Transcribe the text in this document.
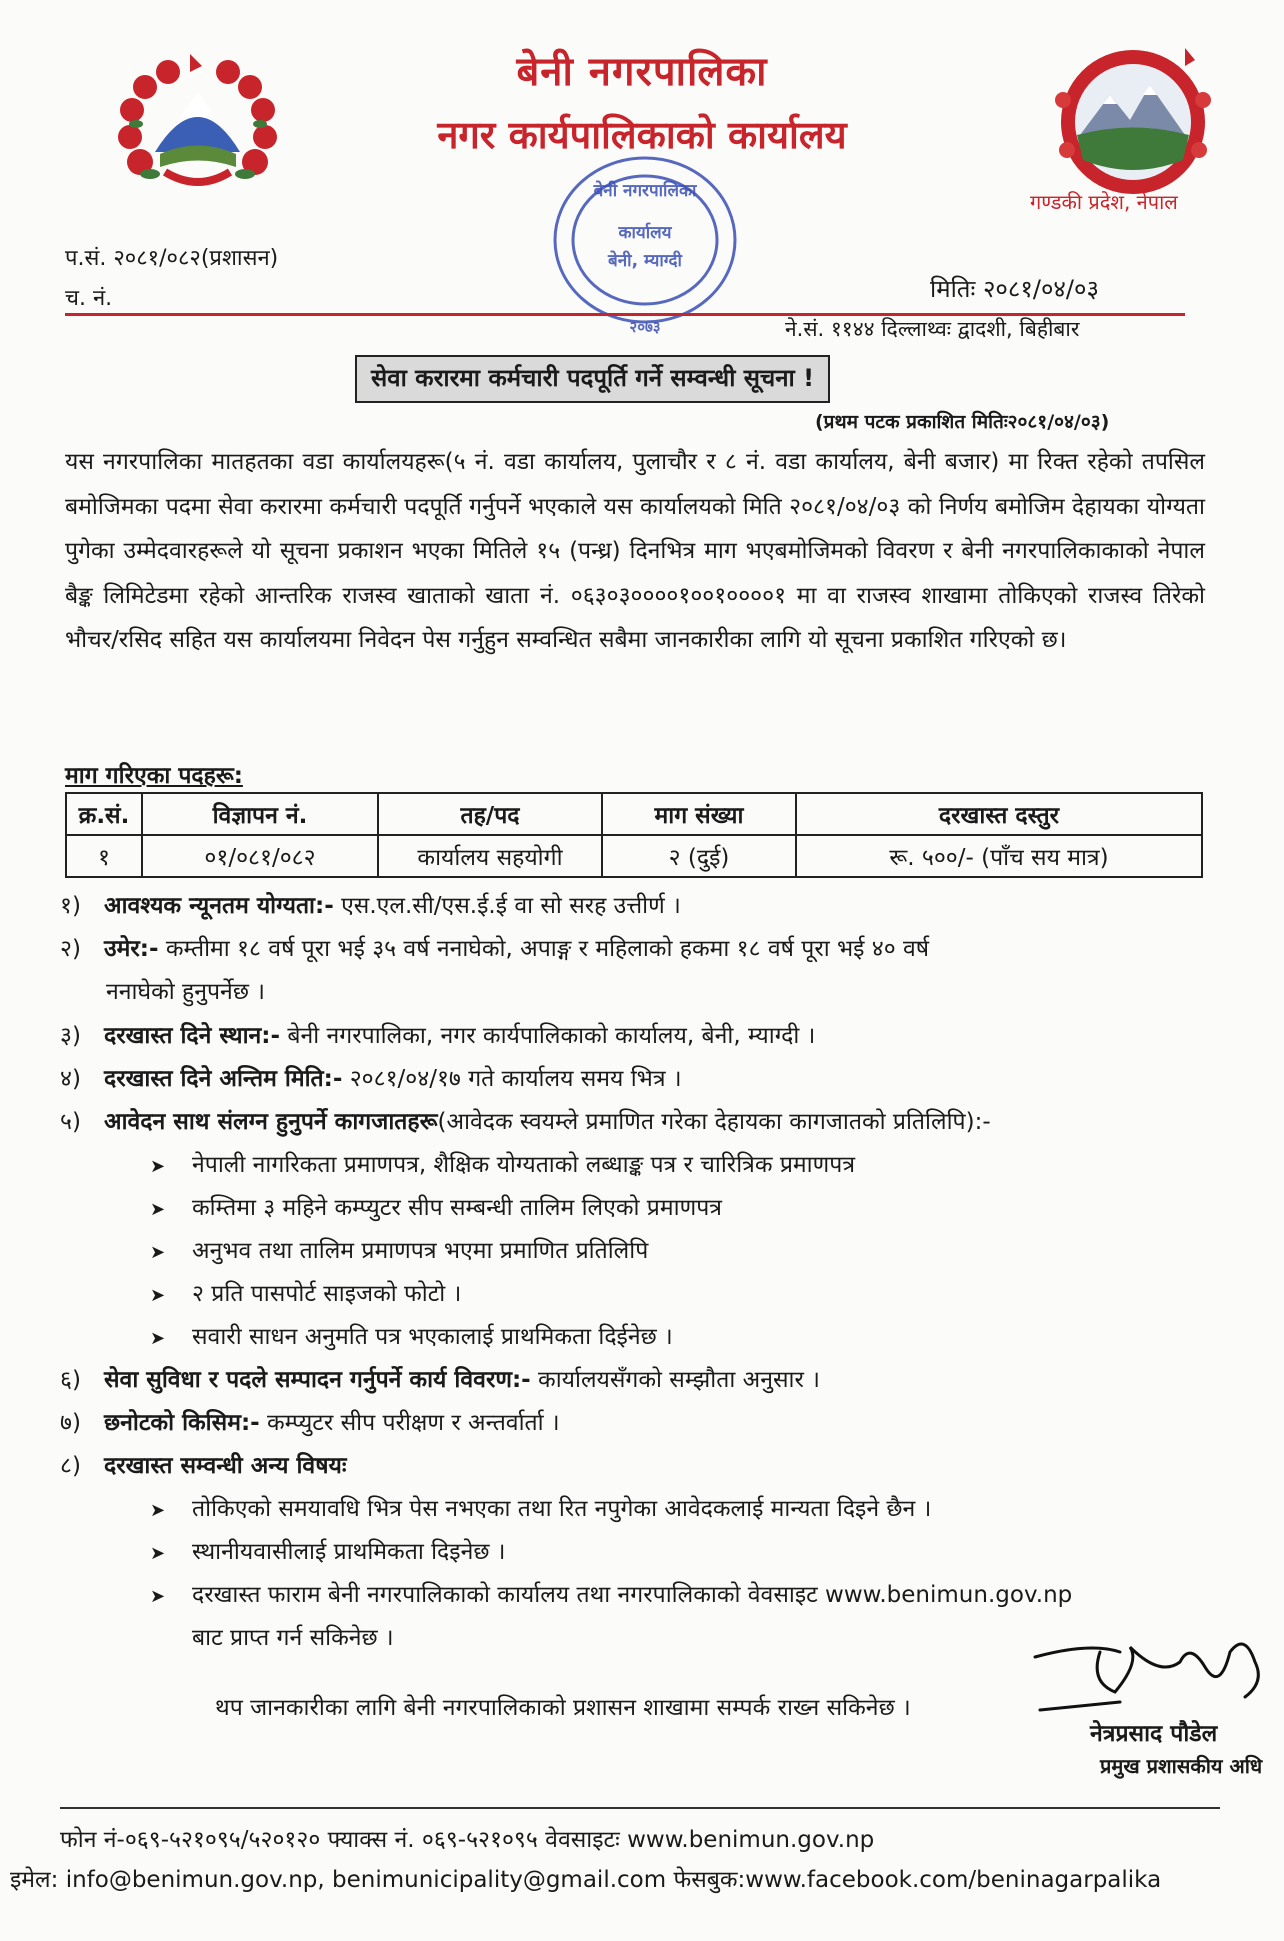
बेनी नगरपालिका
नगर कार्यपालिकाको कार्यालय
गण्डकी प्रदेश, नेपाल
बेनी नगरपालिका
कार्यालय
बेनी, म्याग्दी
२०७३
प.सं. २०८१/०८२(प्रशासन)
च. नं.	मितिः २०८१/०४/०३
ने.सं. ११४४ दिल्लाथ्वः द्वादशी, बिहीबार
सेवा करारमा कर्मचारी पदपूर्ति गर्ने सम्वन्धी सूचना !
(प्रथम पटक प्रकाशित मितिः२०८१/०४/०३)
यस नगरपालिका मातहतका वडा कार्यालयहरू(५ नं. वडा कार्यालय, पुलाचौर र ८ नं. वडा कार्यालय, बेनी बजार) मा रिक्त रहेको तपसिल बमोजिमका पदमा सेवा करारमा कर्मचारी पदपूर्ति गर्नुपर्ने भएकाले यस कार्यालयको मिति २०८१/०४/०३ को निर्णय बमोजिम देहायका योग्यता पुगेका उम्मेदवारहरूले यो सूचना प्रकाशन भएका मितिले १५ (पन्ध्र) दिनभित्र माग भएबमोजिमको विवरण र बेनी नगरपालिकाकाको नेपाल बैङ्क लिमिटेडमा रहेको आन्तरिक राजस्व खाताको खाता नं. ०६३०३००००१००१००००१ मा वा राजस्व शाखामा तोकिएको राजस्व तिरेको भौचर/रसिद सहित यस कार्यालयमा निवेदन पेस गर्नुहुन सम्वन्धित सबैमा जानकारीका लागि यो सूचना प्रकाशित गरिएको छ।
माग गरिएका पदहरू:
क्र.सं.	विज्ञापन नं.	तह/पद	माग संख्या	दरखास्त दस्तुर
१	०१/०८१/०८२	कार्यालय सहयोगी	२ (दुई)	रू. ५००/- (पाँच सय मात्र)
१) आवश्यक न्यूनतम योग्यता:- एस.एल.सी/एस.ई.ई वा सो सरह उत्तीर्ण ।
२) उमेर:- कम्तीमा १८ वर्ष पूरा भई ३५ वर्ष ननाघेको, अपाङ्ग र महिलाको हकमा १८ वर्ष पूरा भई ४० वर्ष
ननाघेको हुनुपर्नेछ ।
३) दरखास्त दिने स्थान:- बेनी नगरपालिका, नगर कार्यपालिकाको कार्यालय, बेनी, म्याग्दी ।
४) दरखास्त दिने अन्तिम मिति:- २०८१/०४/१७ गते कार्यालय समय भित्र ।
५) आवेदन साथ संलग्न हुनुपर्ने कागजातहरू(आवेदक स्वयम्ले प्रमाणित गरेका देहायका कागजातको प्रतिलिपि):-
➤ नेपाली नागरिकता प्रमाणपत्र, शैक्षिक योग्यताको लब्धाङ्क पत्र र चारित्रिक प्रमाणपत्र
➤ कम्तिमा ३ महिने कम्प्युटर सीप सम्बन्धी तालिम लिएको प्रमाणपत्र
➤ अनुभव तथा तालिम प्रमाणपत्र भएमा प्रमाणित प्रतिलिपि
➤ २ प्रति पासपोर्ट साइजको फोटो ।
➤ सवारी साधन अनुमति पत्र भएकालाई प्राथमिकता दिईनेछ ।
६) सेवा सुविधा र पदले सम्पादन गर्नुपर्ने कार्य विवरण:- कार्यालयसँगको सम्झौता अनुसार ।
७) छनोटको किसिम:- कम्प्युटर सीप परीक्षण र अन्तर्वार्ता ।
८) दरखास्त सम्वन्धी अन्य विषयः
➤ तोकिएको समयावधि भित्र पेस नभएका तथा रित नपुगेका आवेदकलाई मान्यता दिइने छैन ।
➤ स्थानीयवासीलाई प्राथमिकता दिइनेछ ।
➤ दरखास्त फाराम बेनी नगरपालिकाको कार्यालय तथा नगरपालिकाको वेवसाइट www.benimun.gov.np
बाट प्राप्त गर्न सकिनेछ ।
थप जानकारीका लागि बेनी नगरपालिकाको प्रशासन शाखामा सम्पर्क राख्न सकिनेछ ।
नेत्रप्रसाद पौडेल
प्रमुख प्रशासकीय अधि
फोन नं-०६९-५२१०९५/५२०१२० फ्याक्स नं. ०६९-५२१०९५ वेवसाइटः www.benimun.gov.np
इमेल: info@benimun.gov.np, benimunicipality@gmail.com फेसबुक:www.facebook.com/beninagarpalika
